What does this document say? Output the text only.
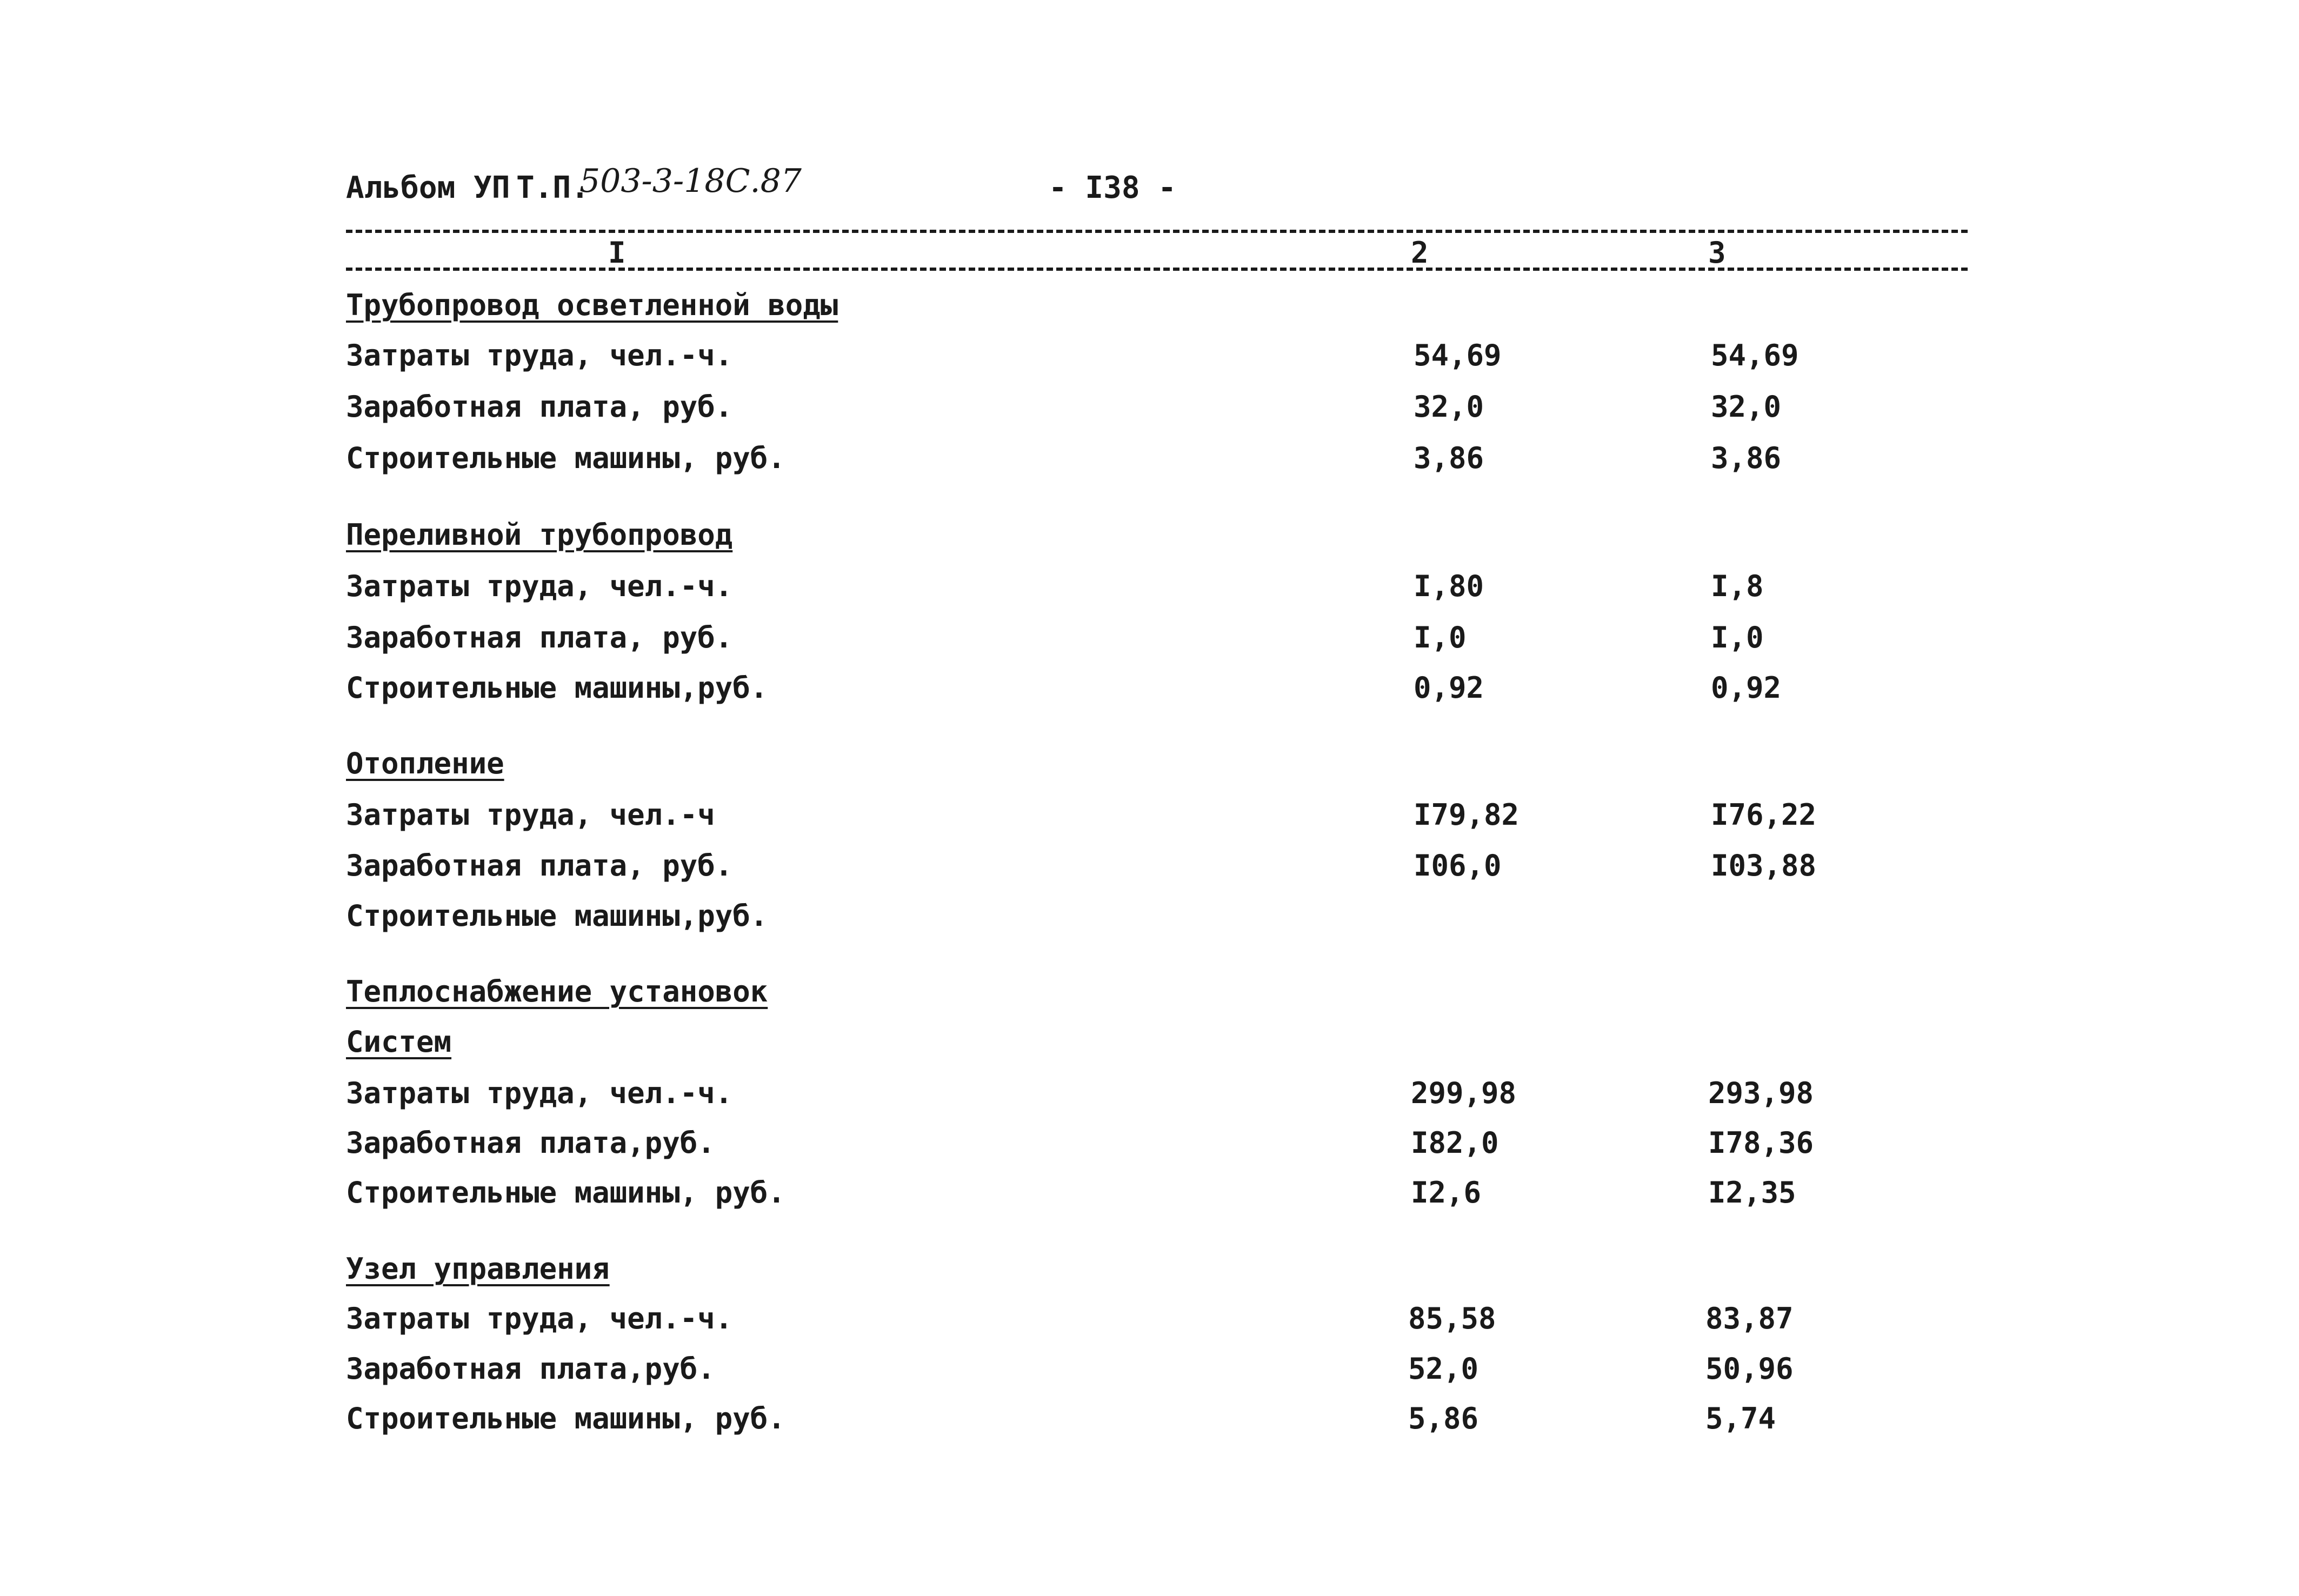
Альбом УП Т.П.
503-3-18С.87	- I38 -
I	2	3
Трубопровод осветленной воды
Затраты труда, чел.-ч.	54,69	54,69
Заработная плата, руб.	32,0	32,0
Строительные машины, руб.	3,86	3,86
Переливной трубопровод
Затраты труда, чел.-ч.	I,80	I,8
Заработная плата, руб.	I,0	I,0
Строительные машины,руб.	0,92	0,92
Отопление
Затраты труда, чел.-ч	I79,82	I76,22
Заработная плата, руб.	I06,0	I03,88
Строительные машины,руб.
Теплоснабжение установок
Систем
Затраты труда, чел.-ч.	299,98	293,98
Заработная плата,руб.	I82,0	I78,36
Строительные машины, руб.	I2,6	I2,35
Узел управления
Затраты труда, чел.-ч.	85,58	83,87
Заработная плата,руб.	52,0	50,96
Строительные машины, руб.	5,86	5,74
